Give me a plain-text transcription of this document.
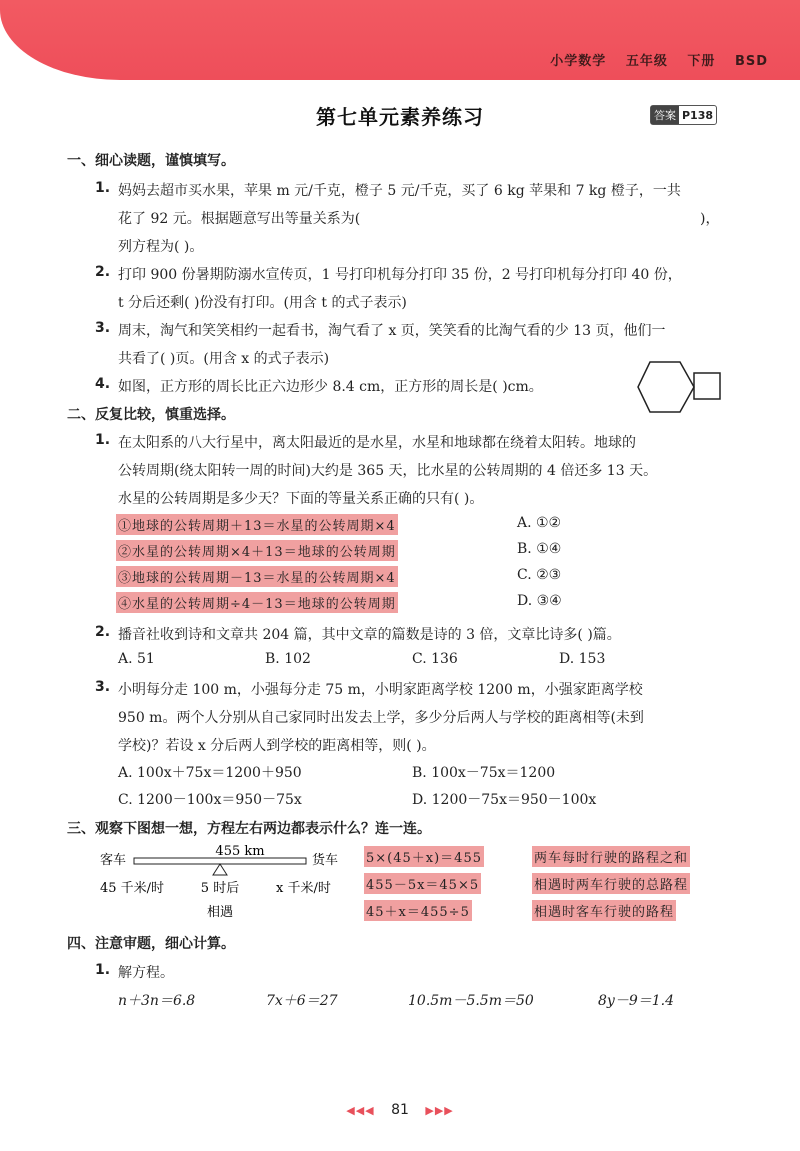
小学数学 五年级 下册 BSD
第七单元素养练习	答案 P138
一、细心读题，谨慎填写。
1. 妈妈去超市买水果，苹果 m 元/千克，橙子 5 元/千克，买了 6 kg 苹果和 7 kg 橙子，一共
花了 92 元。根据题意写出等量关系为(	)，
列方程为( )。
2. 打印 900 份暑期防溺水宣传页，1 号打印机每分打印 35 份，2 号打印机每分打印 40 份，
t 分后还剩( )份没有打印。(用含 t 的式子表示)
3. 周末，淘气和笑笑相约一起看书，淘气看了 x 页，笑笑看的比淘气看的少 13 页，他们一
共看了( )页。(用含 x 的式子表示)
4. 如图，正方形的周长比正六边形少 8.4 cm，正方形的周长是( )cm。
二、反复比较，慎重选择。
1. 在太阳系的八大行星中，离太阳最近的是水星，水星和地球都在绕着太阳转。地球的
公转周期(绕太阳转一周的时间)大约是 365 天，比水星的公转周期的 4 倍还多 13 天。
水星的公转周期是多少天？下面的等量关系正确的只有( )。
①地球的公转周期＋13＝水星的公转周期×4
②水星的公转周期×4＋13＝地球的公转周期
③地球的公转周期－13＝水星的公转周期×4
④水星的公转周期÷4－13＝地球的公转周期
A. ①②
B. ①④
C. ②③
D. ③④
2. 播音社收到诗和文章共 204 篇，其中文章的篇数是诗的 3 倍，文章比诗多( )篇。
A. 51	B. 102	C. 136	D. 153
3. 小明每分走 100 m，小强每分走 75 m，小明家距离学校 1200 m，小强家距离学校
950 m。两个人分别从自己家同时出发去上学，多少分后两人与学校的距离相等(未到
学校)？若设 x 分后两人到学校的距离相等，则( )。
A. 100x＋75x＝1200＋950	B. 100x－75x＝1200
C. 1200－100x＝950－75x	D. 1200－75x＝950－100x
三、观察下图想一想，方程左右两边都表示什么？连一连。
客车
455 km
货车
45 千米/时	5 时后	x 千米/时
相遇
5×(45＋x)＝455
455－5x＝45×5
45＋x＝455÷5
两车每时行驶的路程之和
相遇时两车行驶的总路程
相遇时客车行驶的路程
四、注意审题，细心计算。
1. 解方程。
n＋3n＝6.8	7x＋6＝27	10.5m－5.5m＝50	8y－9＝1.4
◀◀◀ 81 ▶▶▶
